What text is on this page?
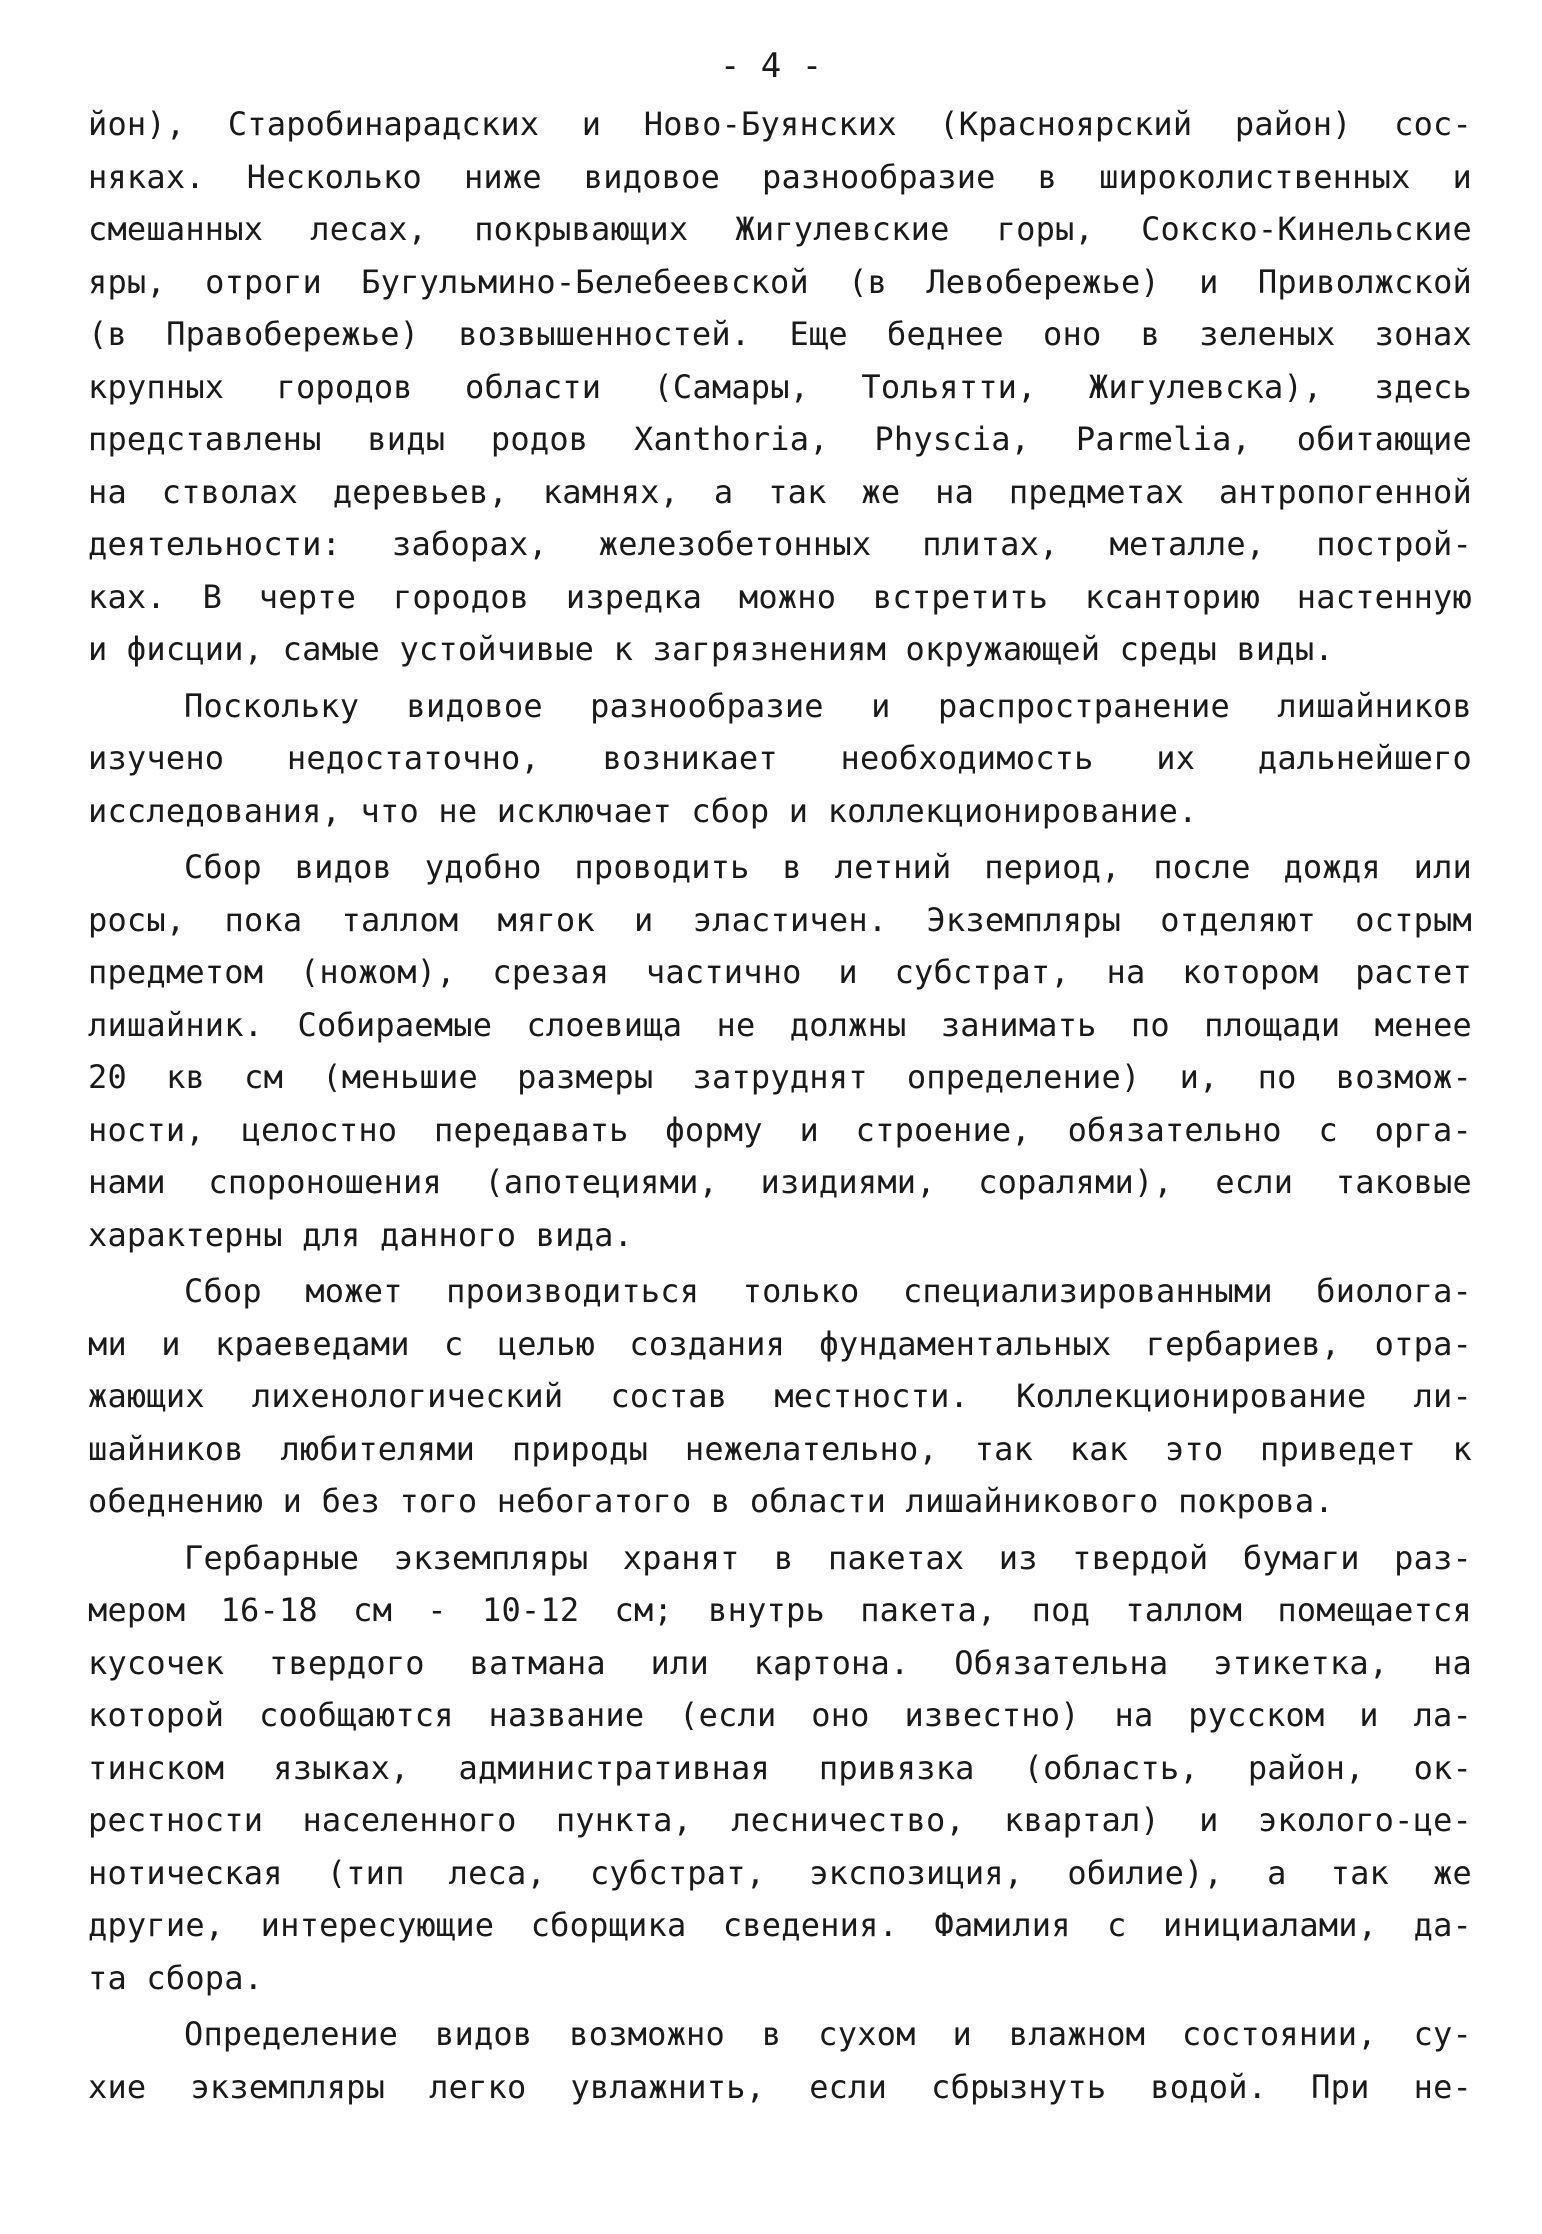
- 4 -
йон), Старобинарадских и Ново-Буянских (Красноярский район) сос-
няках. Несколько ниже видовое разнообразие в широколиственных и
смешанных лесах, покрывающих Жигулевские горы, Сокско-Кинельские
яры, отроги Бугульмино-Белебеевской (в Левобережье) и Приволжской
(в Правобережье) возвышенностей. Еще беднее оно в зеленых зонах
крупных городов области (Самары, Тольятти, Жигулевска), здесь
представлены виды родов Xanthoria, Physcia, Parmelia, обитающие
на стволах деревьев, камнях, а так же на предметах антропогенной
деятельности: заборах, железобетонных плитах, металле, построй-
ках. В черте городов изредка можно встретить ксанторию настенную
и фисции, самые устойчивые к загрязнениям окружающей среды виды.
Поскольку видовое разнообразие и распространение лишайников
изучено недостаточно, возникает необходимость их дальнейшего
исследования, что не исключает сбор и коллекционирование.
Сбор видов удобно проводить в летний период, после дождя или
росы, пока таллом мягок и эластичен. Экземпляры отделяют острым
предметом (ножом), срезая частично и субстрат, на котором растет
лишайник. Собираемые слоевища не должны занимать по площади менее
20 кв см (меньшие размеры затруднят определение) и, по возмож-
ности, целостно передавать форму и строение, обязательно с орга-
нами спороношения (апотециями, изидиями, соралями), если таковые
характерны для данного вида.
Сбор может производиться только специализированными биолога-
ми и краеведами с целью создания фундаментальных гербариев, отра-
жающих лихенологический состав местности. Коллекционирование ли-
шайников любителями природы нежелательно, так как это приведет к
обеднению и без того небогатого в области лишайникового покрова.
Гербарные экземпляры хранят в пакетах из твердой бумаги раз-
мером 16-18 см - 10-12 см; внутрь пакета, под таллом помещается
кусочек твердого ватмана или картона. Обязательна этикетка, на
которой сообщаются название (если оно известно) на русском и ла-
тинском языках, административная привязка (область, район, ок-
рестности населенного пункта, лесничество, квартал) и эколого-це-
нотическая (тип леса, субстрат, экспозиция, обилие), а так же
другие, интересующие сборщика сведения. Фамилия с инициалами, да-
та сбора.
Определение видов возможно в сухом и влажном состоянии, су-
хие экземпляры легко увлажнить, если сбрызнуть водой. При не-
